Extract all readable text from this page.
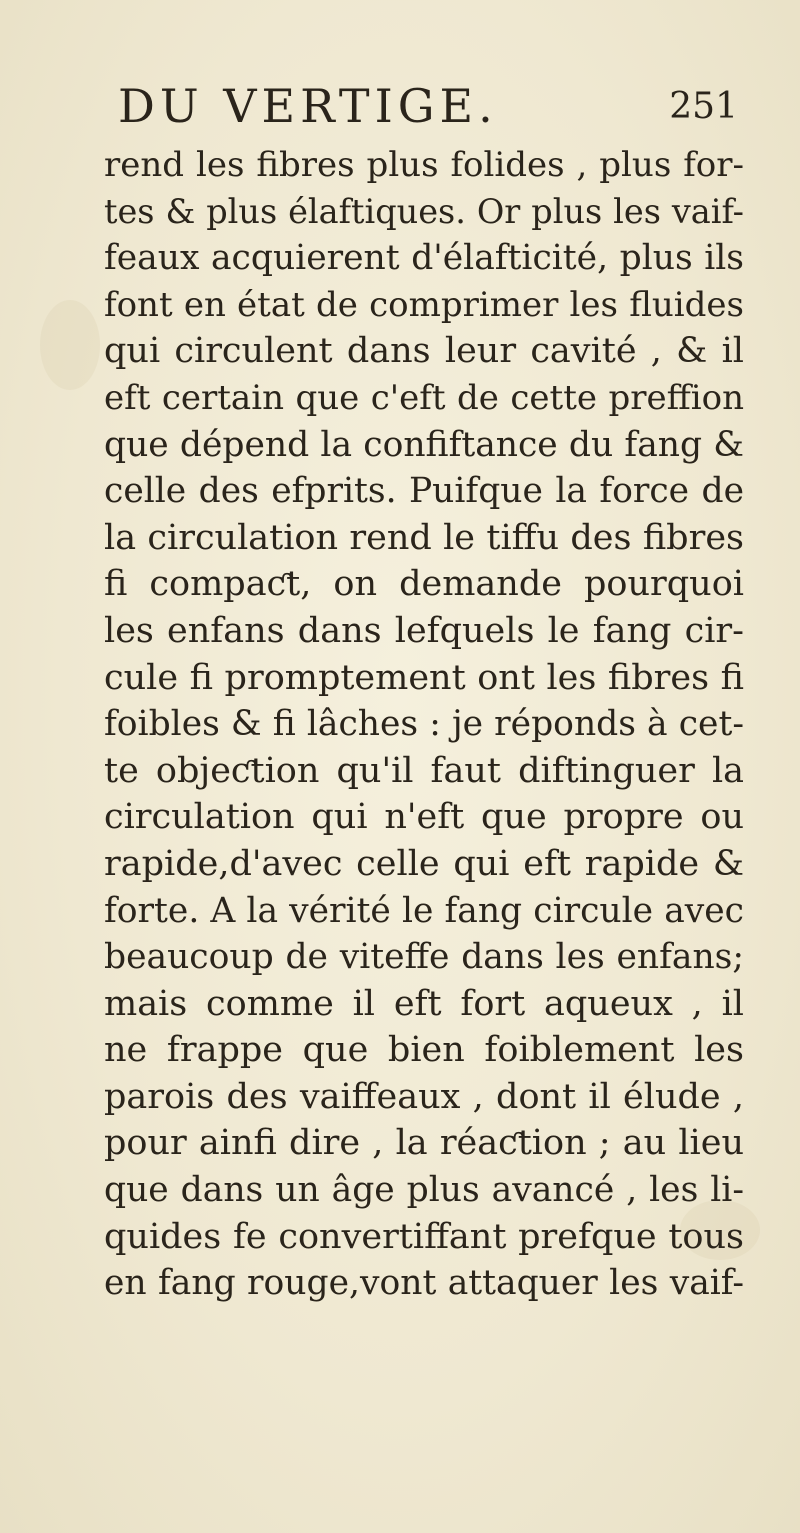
DU VERTIGE.	251
rend les fibres plus folides , plus for-
tes & plus élaftiques. Or plus les vaif-
feaux acquierent d'élafticité, plus ils
font en état de comprimer les fluides
qui circulent dans leur cavité , & il
eft certain que c'eft de cette preffion
que dépend la confiftance du fang &
celle des efprits. Puifque la force de
la circulation rend le tiffu des fibres
fi compaƈt, on demande pourquoi
les enfans dans lefquels le fang cir-
cule fi promptement ont les fibres fi
foibles & fi lâches : je réponds à cet-
te objeƈtion qu'il faut diftinguer la
circulation qui n'eft que propre ou
rapide,d'avec celle qui eft rapide &
forte. A la vérité le fang circule avec
beaucoup de viteffe dans les enfans;
mais comme il eft fort aqueux , il
ne frappe que bien foiblement les
parois des vaiffeaux , dont il élude ,
pour ainfi dire , la réaƈtion ; au lieu
que dans un âge plus avancé , les li-
quides fe convertiffant prefque tous
en fang rouge,vont attaquer les vaif-
